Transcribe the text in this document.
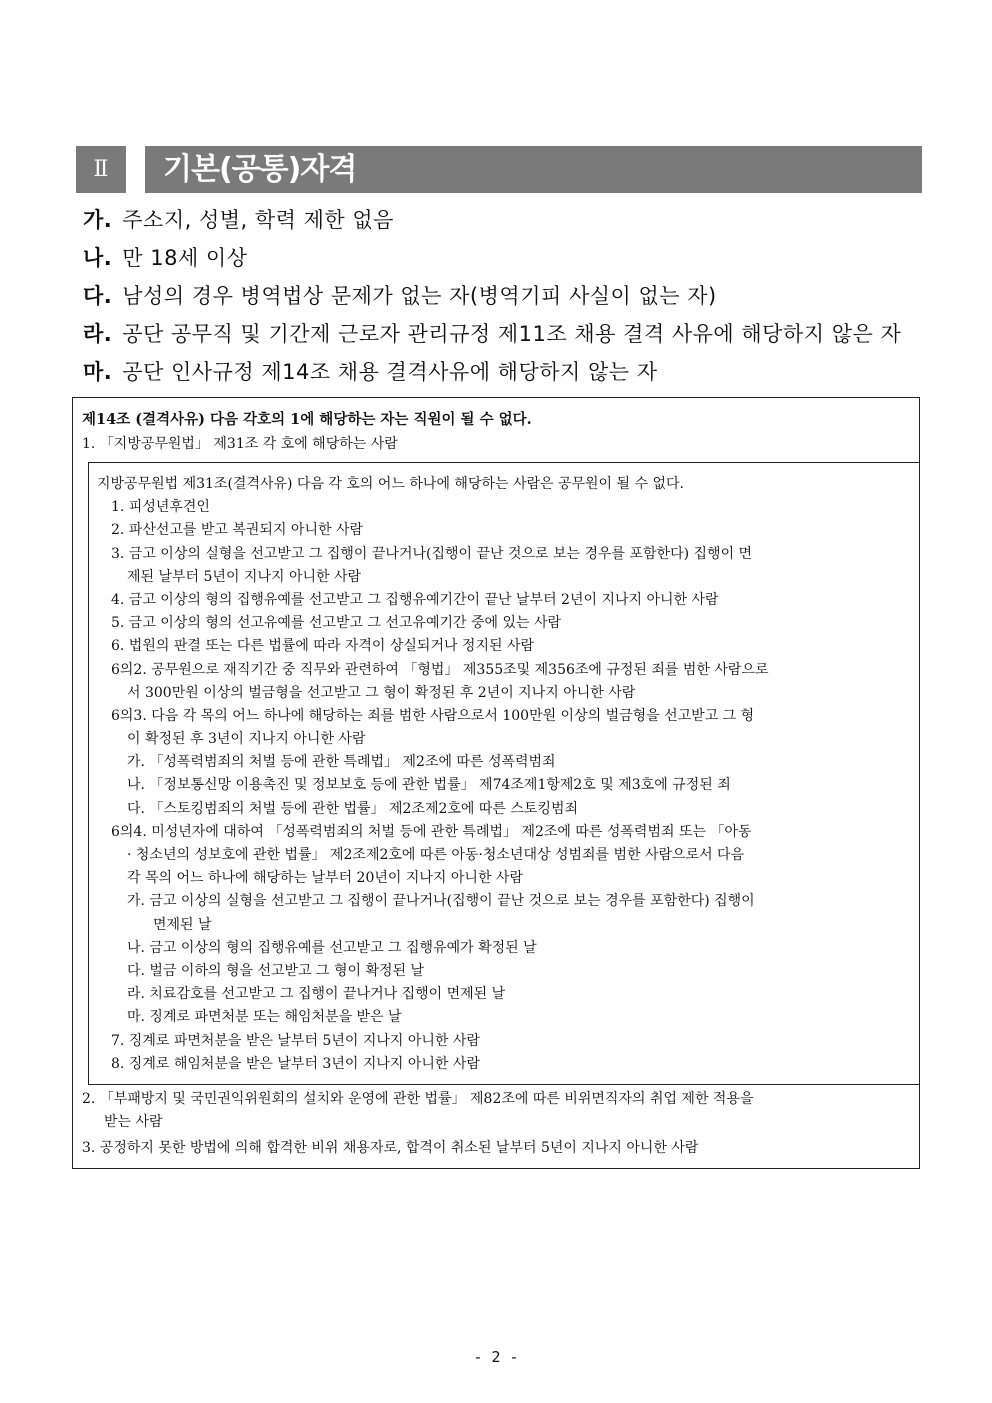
Ⅱ	기본(공통)자격
가. 주소지, 성별, 학력 제한 없음
나. 만 18세 이상
다. 남성의 경우 병역법상 문제가 없는 자(병역기피 사실이 없는 자)
라. 공단 공무직 및 기간제 근로자 관리규정 제11조 채용 결격 사유에 해당하지 않은 자
마. 공단 인사규정 제14조 채용 결격사유에 해당하지 않는 자
제14조 (결격사유) 다음 각호의 1에 해당하는 자는 직원이 될 수 없다.
1. 「지방공무원법」 제31조 각 호에 해당하는 사람
지방공무원법 제31조(결격사유) 다음 각 호의 어느 하나에 해당하는 사람은 공무원이 될 수 없다.
1. 피성년후견인
2. 파산선고를 받고 복권되지 아니한 사람
3. 금고 이상의 실형을 선고받고 그 집행이 끝나거나(집행이 끝난 것으로 보는 경우를 포함한다) 집행이 면
제된 날부터 5년이 지나지 아니한 사람
4. 금고 이상의 형의 집행유예를 선고받고 그 집행유예기간이 끝난 날부터 2년이 지나지 아니한 사람
5. 금고 이상의 형의 선고유예를 선고받고 그 선고유예기간 중에 있는 사람
6. 법원의 판결 또는 다른 법률에 따라 자격이 상실되거나 정지된 사람
6의2. 공무원으로 재직기간 중 직무와 관련하여 「형법」 제355조및 제356조에 규정된 죄를 범한 사람으로
서 300만원 이상의 벌금형을 선고받고 그 형이 확정된 후 2년이 지나지 아니한 사람
6의3. 다음 각 목의 어느 하나에 해당하는 죄를 범한 사람으로서 100만원 이상의 벌금형을 선고받고 그 형
이 확정된 후 3년이 지나지 아니한 사람
가. 「성폭력범죄의 처벌 등에 관한 특례법」 제2조에 따른 성폭력범죄
나. 「정보통신망 이용촉진 및 정보보호 등에 관한 법률」 제74조제1항제2호 및 제3호에 규정된 죄
다. 「스토킹범죄의 처벌 등에 관한 법률」 제2조제2호에 따른 스토킹범죄
6의4. 미성년자에 대하여 「성폭력범죄의 처벌 등에 관한 특례법」 제2조에 따른 성폭력범죄 또는 「아동
· 청소년의 성보호에 관한 법률」 제2조제2호에 따른 아동·청소년대상 성범죄를 범한 사람으로서 다음
각 목의 어느 하나에 해당하는 날부터 20년이 지나지 아니한 사람
가. 금고 이상의 실형을 선고받고 그 집행이 끝나거나(집행이 끝난 것으로 보는 경우를 포함한다) 집행이
면제된 날
나. 금고 이상의 형의 집행유예를 선고받고 그 집행유예가 확정된 날
다. 벌금 이하의 형을 선고받고 그 형이 확정된 날
라. 치료감호를 선고받고 그 집행이 끝나거나 집행이 면제된 날
마. 징계로 파면처분 또는 해임처분을 받은 날
7. 징계로 파면처분을 받은 날부터 5년이 지나지 아니한 사람
8. 징계로 해임처분을 받은 날부터 3년이 지나지 아니한 사람
2. 「부패방지 및 국민권익위원회의 설치와 운영에 관한 법률」 제82조에 따른 비위면직자의 취업 제한 적용을
받는 사람
3. 공정하지 못한 방법에 의해 합격한 비위 채용자로, 합격이 취소된 날부터 5년이 지나지 아니한 사람
- 2 -
